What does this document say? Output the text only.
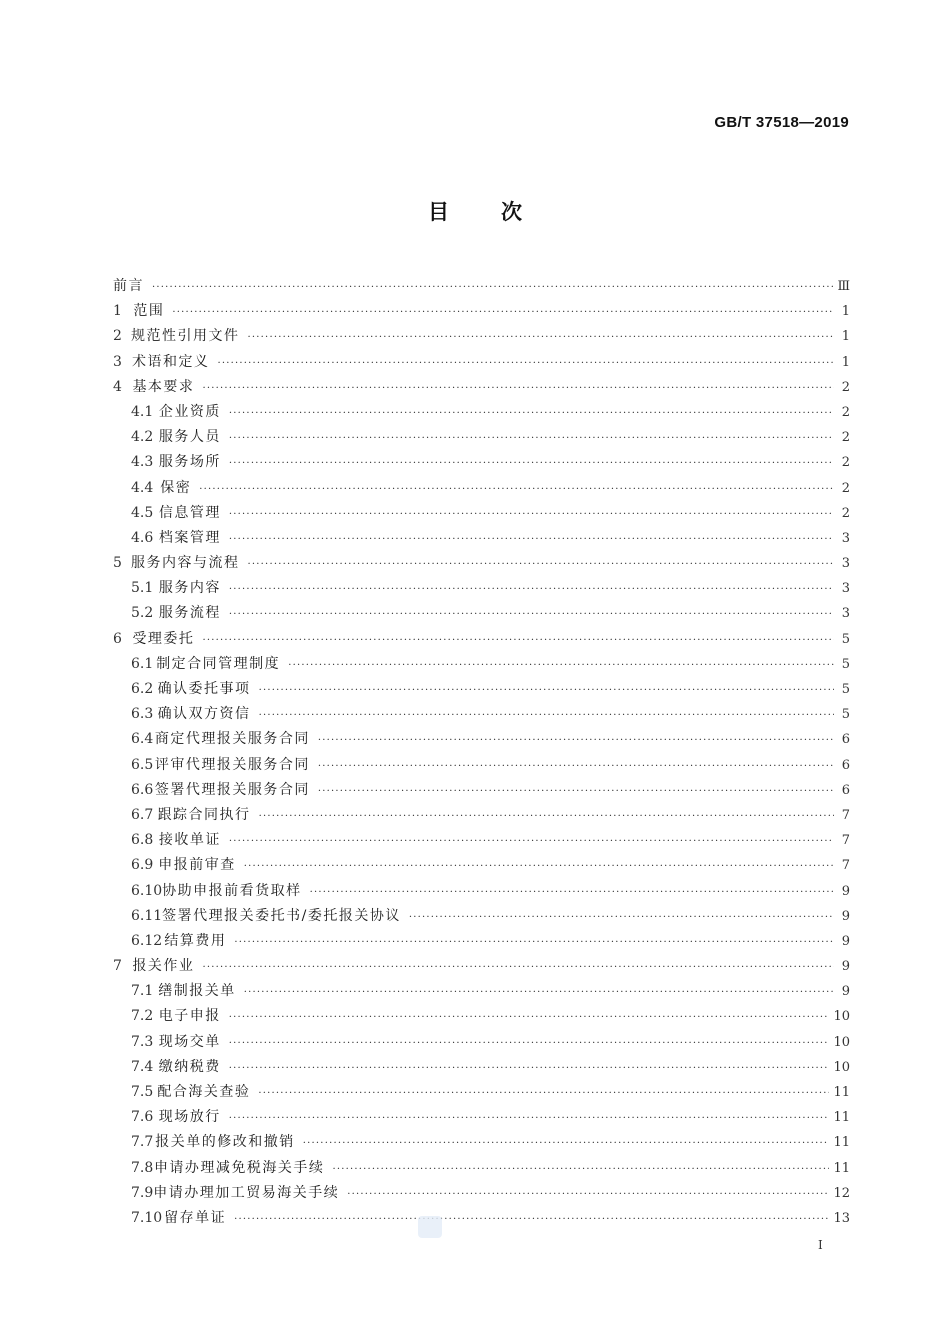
GB/T 37518—2019
目次
前言 ·····	Ⅲ
1 范围 ·····	1
2 规范性引用文件 ·····	1
3 术语和定义 ·····	1
4 基本要求 ·····	2
4.1 企业资质 ·····	2
4.2 服务人员 ·····	2
4.3 服务场所 ·····	2
4.4 保密 ·····	2
4.5 信息管理 ·····	2
4.6 档案管理 ·····	3
5 服务内容与流程 ·····	3
5.1 服务内容 ·····	3
5.2 服务流程 ·····	3
6 受理委托 ·····	5
6.1 制定合同管理制度 ·····	5
6.2 确认委托事项 ·····	5
6.3 确认双方资信 ·····	5
6.4 商定代理报关服务合同 ·····	6
6.5 评审代理报关服务合同 ·····	6
6.6 签署代理报关服务合同 ·····	6
6.7 跟踪合同执行 ·····	7
6.8 接收单证 ·····	7
6.9 申报前审查 ·····	7
6.10 协助申报前看货取样 ·····	9
6.11 签署代理报关委托书/委托报关协议 ·····	9
6.12 结算费用 ·····	9
7 报关作业 ·····	9
7.1 缮制报关单 ·····	9
7.2 电子申报 ·····	10
7.3 现场交单 ·····	10
7.4 缴纳税费 ·····	10
7.5 配合海关查验 ·····	11
7.6 现场放行 ·····	11
7.7 报关单的修改和撤销 ·····	11
7.8 申请办理减免税海关手续 ·····	11
7.9 申请办理加工贸易海关手续 ·····	12
7.10 留存单证 ·····	13
I
